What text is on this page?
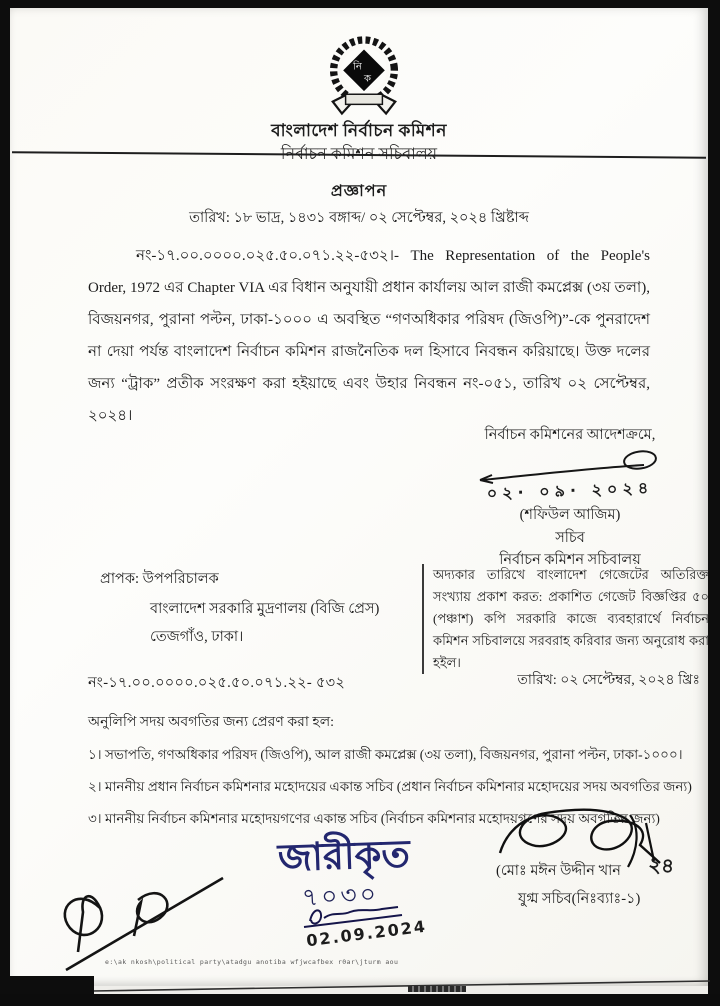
নি
ক
বাংলাদেশ নির্বাচন কমিশন
প্রজ্ঞাপন
তারিখ: ১৮ ভাদ্র, ১৪৩১ বঙ্গাব্দ/ ০২ সেপ্টেম্বর, ২০২৪ খ্রিষ্টাব্দ

নং-১৭.০০.০০০০.০২৫.৫০.০৭১.২২-৫৩২।- The Representation of the People's Order, 1972 এর Chapter VIA এর বিধান অনুযায়ী প্রধান কার্যালয় আল রাজী কমপ্লেক্স (৩য় তলা), বিজয়নগর, পুরানা পল্টন, ঢাকা-১০০০ এ অবস্থিত “গণঅধিকার পরিষদ (জিওপি)”-কে পুনরাদেশ না দেয়া পর্যন্ত বাংলাদেশ নির্বাচন কমিশন রাজনৈতিক দল হিসাবে নিবন্ধন করিয়াছে। উক্ত দলের জন্য “ট্রাক” প্রতীক সংরক্ষণ করা হইয়াছে এবং উহার নিবন্ধন নং-০৫১, তারিখ ০২ সেপ্টেম্বর, ২০২৪।

নির্বাচন কমিশনের আদেশক্রমে,
০২· ০৯· ২০২৪
(শফিউল আজিম)
সচিব
নির্বাচন কমিশন সচিবালয়
প্রাপক: উপপরিচালক
বাংলাদেশ সরকারি মুদ্রণালয় (বিজি প্রেস)
তেজগাঁও, ঢাকা।
অদ্যকার তারিখে বাংলাদেশ গেজেটের অতিরিক্ত সংখ্যায় প্রকাশ করত: প্রকাশিত গেজেট বিজ্ঞপ্তির ৫০ (পঞ্চাশ) কপি সরকারি কাজে ব্যবহারার্থে নির্বাচন কমিশন সচিবালয়ে সরবরাহ করিবার জন্য অনুরোধ করা হইল।
নং-১৭.০০.০০০০.০২৫.৫০.০৭১.২২- ৫৩২	তারিখ: ০২ সেপ্টেম্বর, ২০২৪ খ্রিঃ
অনুলিপি সদয় অবগতির জন্য প্রেরণ করা হল:
১। সভাপতি, গণঅধিকার পরিষদ (জিওপি), আল রাজী কমপ্লেক্স (৩য় তলা), বিজয়নগর, পুরানা পল্টন, ঢাকা-১০০০।
২। মাননীয় প্রধান নির্বাচন কমিশনার মহোদয়ের একান্ত সচিব (প্রধান নির্বাচন কমিশনার মহোদয়ের সদয় অবগতির জন্য)
৩। মাননীয় নির্বাচন কমিশনার মহোদয়গণের একান্ত সচিব (নির্বাচন কমিশনার মহোদয়গণের সদয় অবগতির জন্য)
জারীকৃত
৭০৩০
02.09.2024
(মোঃ মঈন উদ্দীন খান ২৪
যুগ্ম সচিব(নিঃব্যাঃ-১)
e:\ak nkosh\political party\atadgu anotiba wfjwcafbex r0ar\jturm aou
